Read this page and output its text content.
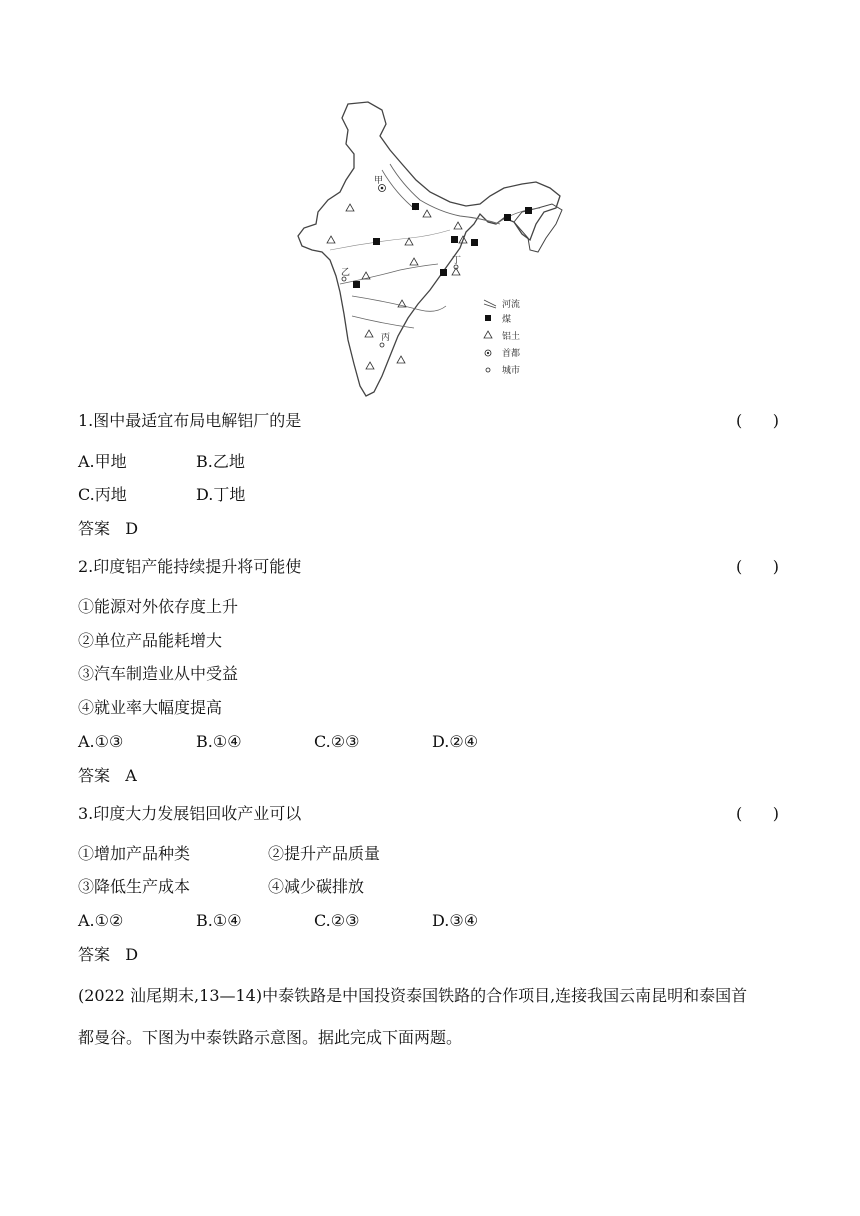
甲
乙
丁
丙
河流
煤
铝土
首都
城市
1.图中最适宜布局电解铝厂的是	(      )
A.甲地	B.乙地
C.丙地	D.丁地
答案 D
2.印度铝产能持续提升将可能使	(      )
①能源对外依存度上升
②单位产品能耗增大
③汽车制造业从中受益
④就业率大幅度提高
A.①③	B.①④	C.②③	D.②④
答案 A
3.印度大力发展铝回收产业可以	(      )
①增加产品种类	②提升产品质量
③降低生产成本	④减少碳排放
A.①②	B.①④	C.②③	D.③④
答案 D
(2022 汕尾期末,13—14)中泰铁路是中国投资泰国铁路的合作项目,连接我国云南昆明和泰国首
都曼谷。下图为中泰铁路示意图。据此完成下面两题。
